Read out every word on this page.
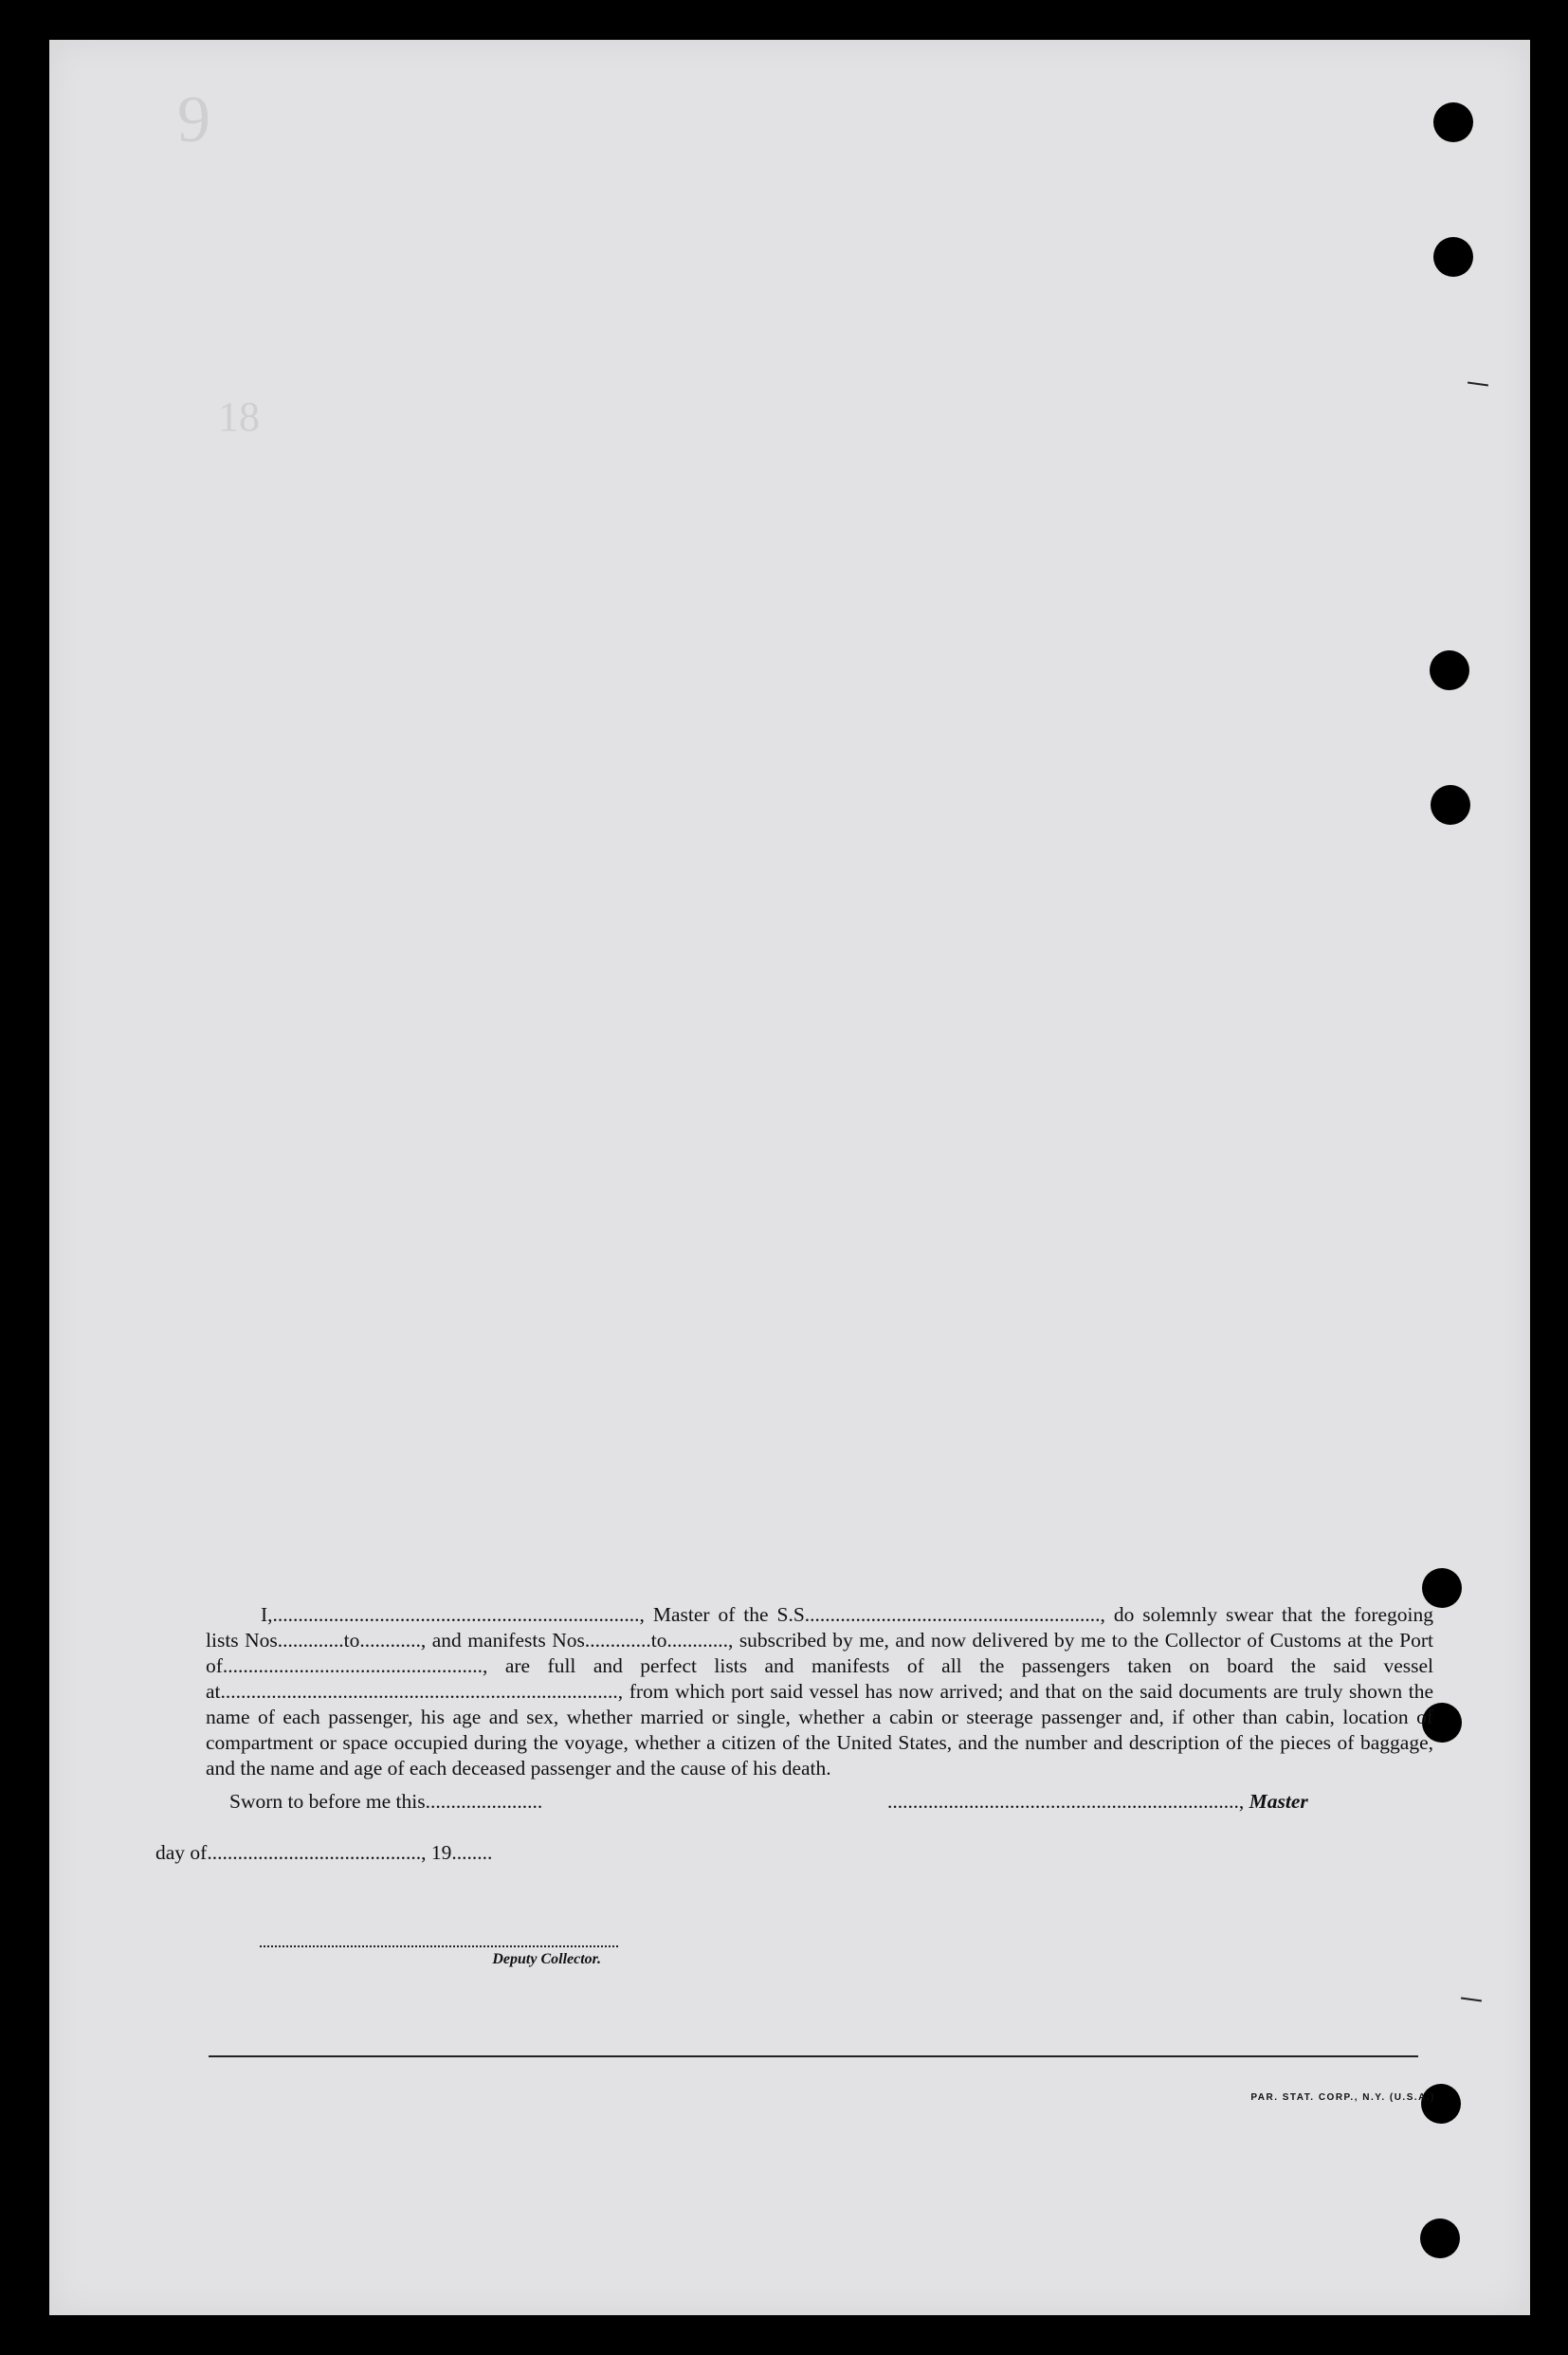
9
18

I,........................................................................, Master of the S.S.........................................................., do solemnly swear that the foregoing lists Nos.............to............, and manifests Nos.............to............, subscribed by me, and now delivered by me to the Collector of Customs at the Port of..................................................., are full and perfect lists and manifests of all the passengers taken on board the said vessel at.............................................................................., from which port said vessel has now arrived; and that on the said documents are truly shown the name of each passenger, his age and sex, whether married or single, whether a cabin or steerage passenger and, if other than cabin, location of compartment or space occupied during the voyage, whether a citizen of the United States, and the number and description of the pieces of baggage, and the name and age of each deceased passenger and the cause of his death.

Sworn to before me this.......................	....................................................................., Master
day of.........................................., 19........
Deputy Collector.
PAR. STAT. CORP., N.Y. (U.S.A.)
